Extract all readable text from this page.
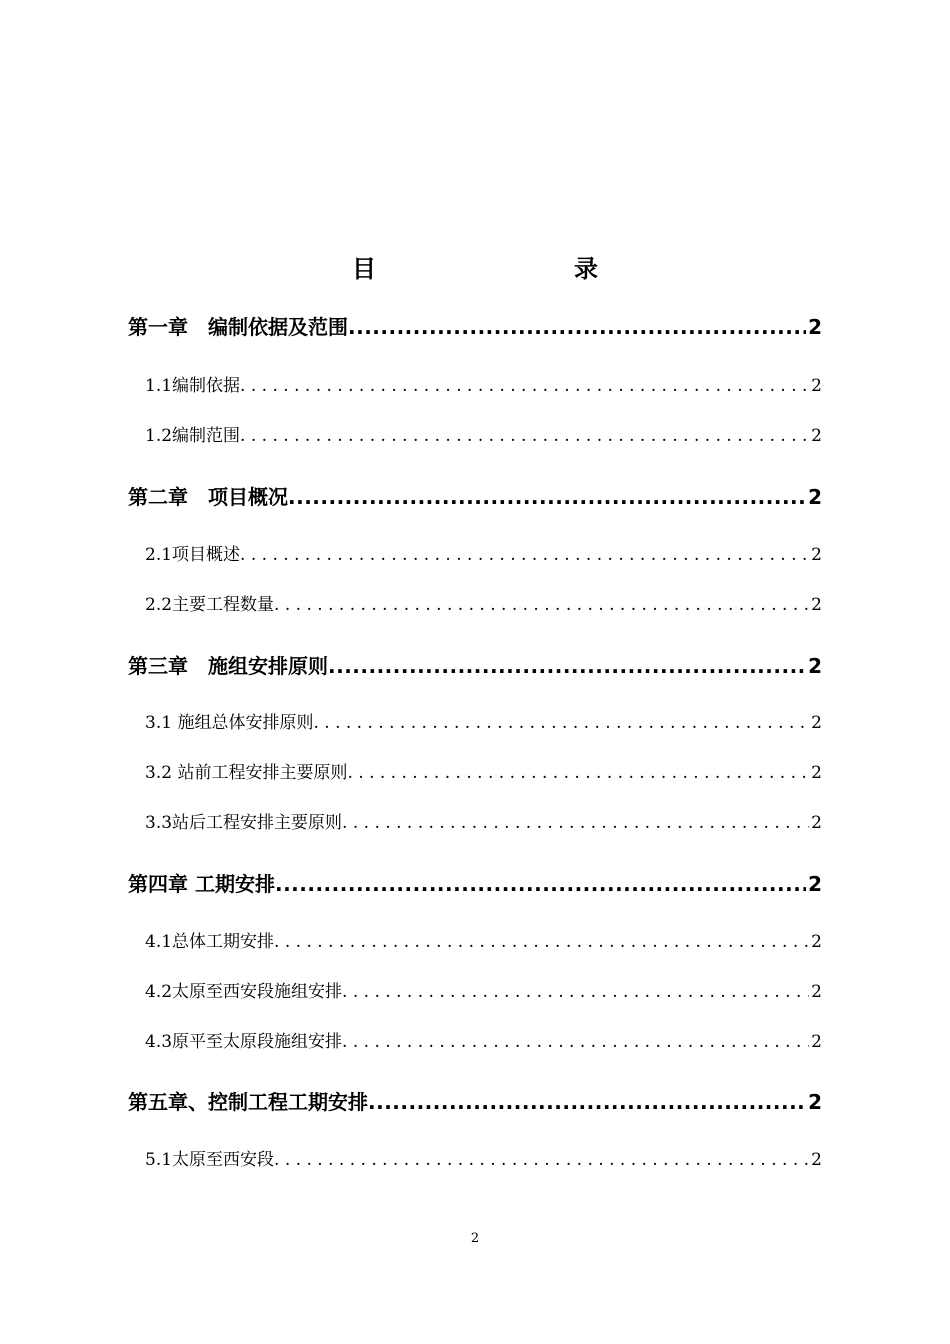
目　　录
第一章　编制依据及范围 .....	2
1.1编制依据 . . .	2
1.2编制范围 . . .	2
第二章　项目概况 .....	2
2.1项目概述 . . .	2
2.2主要工程数量 . . .	2
第三章　施组安排原则 .....	2
3.1 施组总体安排原则 . . .	2
3.2 站前工程安排主要原则 . . .	2
3.3站后工程安排主要原则 . . .	2
第四章 工期安排 .....	2
4.1总体工期安排 . . .	2
4.2太原至西安段施组安排 . . .	2
4.3原平至太原段施组安排 . . .	2
第五章、控制工程工期安排 .....	2
5.1太原至西安段 . . .	2
2
